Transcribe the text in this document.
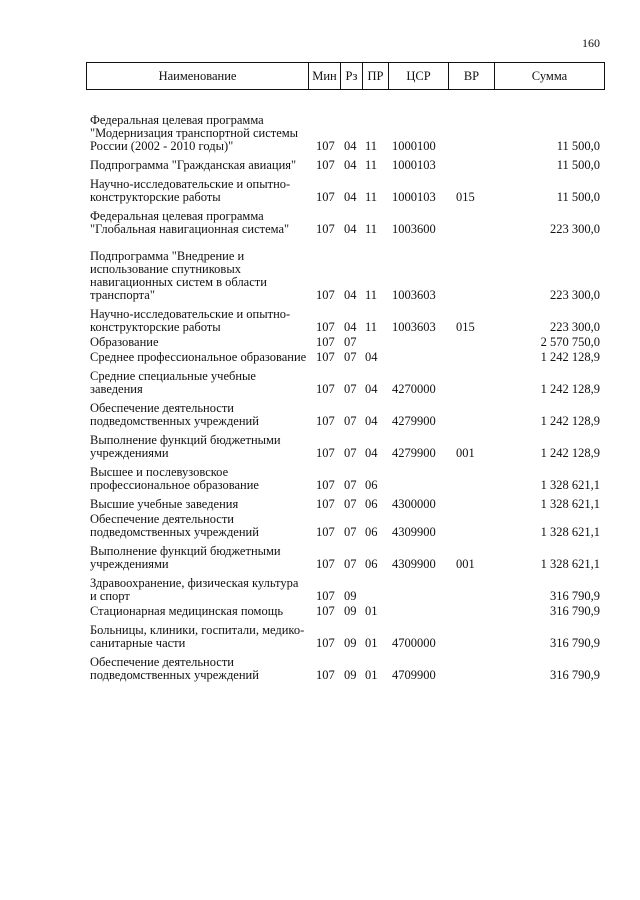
160
Наименование	Мин	Рз	ПР	ЦСР	ВР	Сумма
Федеральная целевая программа "Модернизация транспортной системы России (2002 - 2010 годы)"	107	04	11	1000100		11 500,0
Подпрограмма "Гражданская авиация"	107	04	11	1000103		11 500,0
Научно-исследовательские и опытно-конструкторские работы	107	04	11	1000103	015	11 500,0
Федеральная целевая программа "Глобальная навигационная система"	107	04	11	1003600		223 300,0
Подпрограмма "Внедрение и использование спутниковых навигационных систем в области транспорта"	107	04	11	1003603		223 300,0
Научно-исследовательские и опытно-конструкторские работы	107	04	11	1003603	015	223 300,0
Образование	107	07				2 570 750,0
Среднее профессиональное образование	107	07	04			1 242 128,9
Средние специальные учебные заведения	107	07	04	4270000		1 242 128,9
Обеспечение деятельности подведомственных учреждений	107	07	04	4279900		1 242 128,9
Выполнение функций бюджетными учреждениями	107	07	04	4279900	001	1 242 128,9
Высшее и послевузовское профессиональное образование	107	07	06			1 328 621,1
Высшие учебные заведения	107	07	06	4300000		1 328 621,1
Обеспечение деятельности подведомственных учреждений	107	07	06	4309900		1 328 621,1
Выполнение функций бюджетными учреждениями	107	07	06	4309900	001	1 328 621,1
Здравоохранение, физическая культура и спорт	107	09				316 790,9
Стационарная медицинская помощь	107	09	01			316 790,9
Больницы, клиники, госпитали, медико-санитарные части	107	09	01	4700000		316 790,9
Обеспечение деятельности подведомственных учреждений	107	09	01	4709900		316 790,9
